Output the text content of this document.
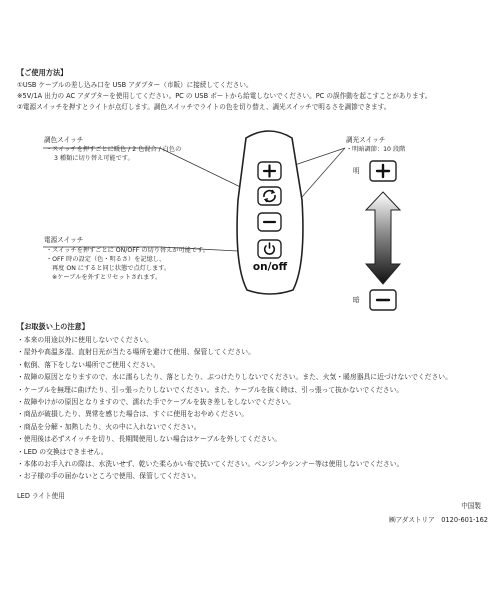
【ご使用方法】
①USB ケーブルの差し込み口を USB アダプター（市販）に接続してください。
※5V/1A 出力の AC アダプターを使用してください。PC の USB ポートから給電しないでください。PC の誤作動を起こすことがあります。
②電源スイッチを押すとライトが点灯します。調色スイッチでライトの色を切り替え、調光スイッチで明るさを調節できます。
on/off
調色スイッチ
・スイッチを押すごとに暖色 / 2 色混合 / 白色の
3 種類に切り替え可能です。
調光スイッチ
・明暗調節：10 段階
電源スイッチ
・スイッチを押すごとに ON/OFF の切り替えが可能です。
・OFF 時の設定（色・明るさ）を記憶し、
再度 ON にすると同じ状態で点灯します。
※ケーブルを外すとリセットされます。
明
暗
【お取扱い上の注意】

・本来の用途以外に使用しないでください。

・屋外や高温多湿、直射日光が当たる場所を避けて使用、保管してください。

・転倒、落下をしない場所でご使用ください。

・故障の原因となりますので、水に濡らしたり、落としたり、ぶつけたりしないでください。また、火気・暖房器具に近づけないでください。

・ケーブルを無理に曲げたり、引っ張ったりしないでください。また、ケーブルを抜く時は、引っ張って抜かないでください。

・故障やけがの原因となりますので、濡れた手でケーブルを抜き差しをしないでください。

・商品が破損したり、異常を感じた場合は、すぐに使用をおやめください。

・商品を分解・加熱したり、火の中に入れないでください。

・使用後は必ずスイッチを切り、長期間使用しない場合はケーブルを外してください。

・LED の交換はできません。

・本体のお手入れの際は、水洗いせず、乾いた柔らかい布で拭いてください。ベンジンやシンナー等は使用しないでください。

・お子様の手の届かないところで使用、保管してください。

LED ライト使用
中国製
㈱アダストリア　0120-601-162
